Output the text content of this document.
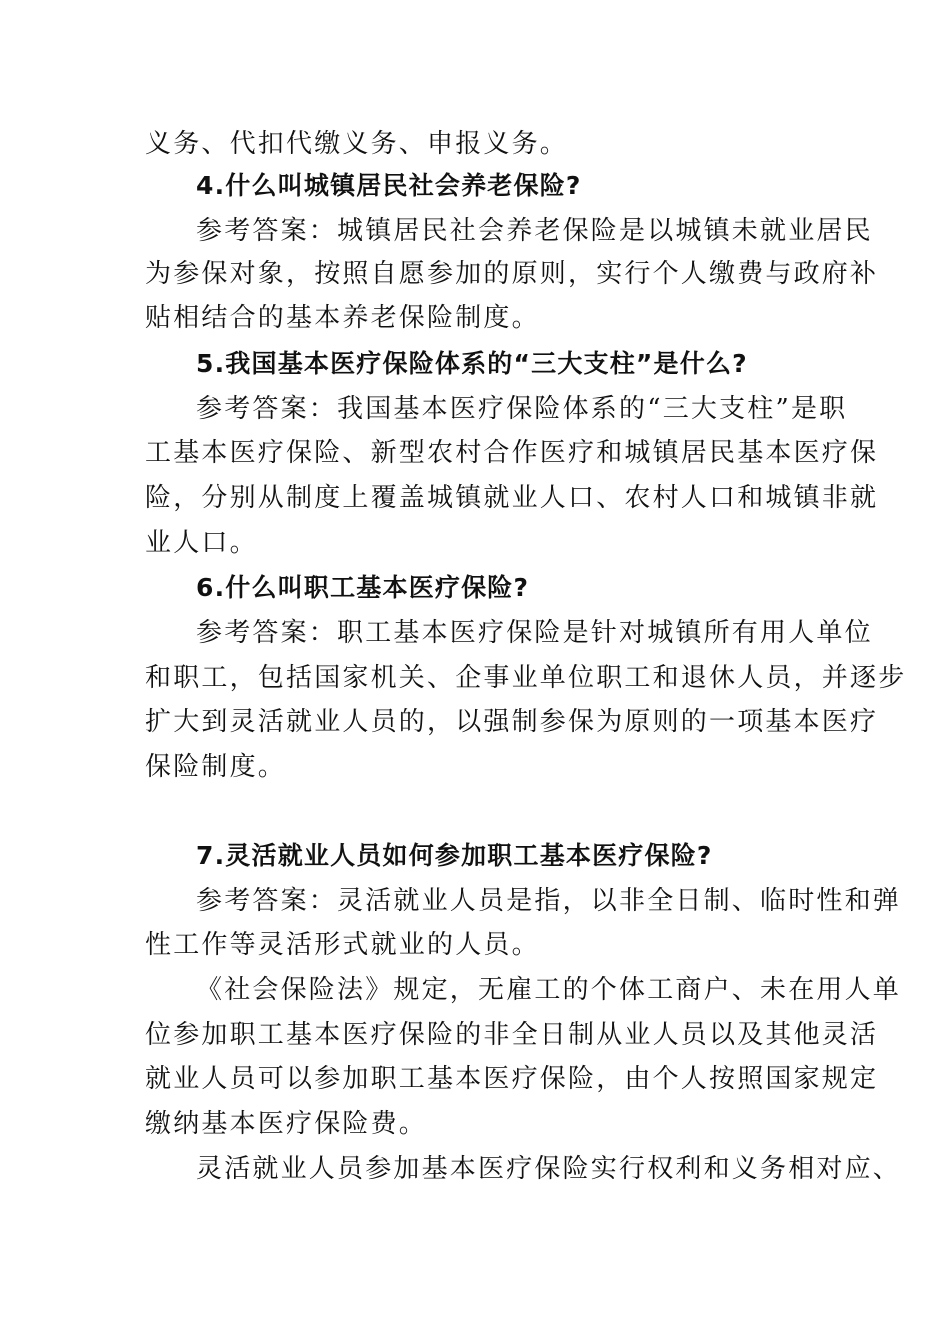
义务、代扣代缴义务、申报义务。
4.什么叫城镇居民社会养老保险?
参考答案：城镇居民社会养老保险是以城镇未就业居民
为参保对象，按照自愿参加的原则，实行个人缴费与政府补
贴相结合的基本养老保险制度。
5.我国基本医疗保险体系的“三大支柱”是什么?
参考答案：我国基本医疗保险体系的“三大支柱”是职
工基本医疗保险、新型农村合作医疗和城镇居民基本医疗保
险，分别从制度上覆盖城镇就业人口、农村人口和城镇非就
业人口。
6.什么叫职工基本医疗保险?
参考答案：职工基本医疗保险是针对城镇所有用人单位
和职工，包括国家机关、企事业单位职工和退休人员，并逐步
扩大到灵活就业人员的，以强制参保为原则的一项基本医疗
保险制度。
7.灵活就业人员如何参加职工基本医疗保险?
参考答案：灵活就业人员是指，以非全日制、临时性和弹
性工作等灵活形式就业的人员。
《社会保险法》规定，无雇工的个体工商户、未在用人单
位参加职工基本医疗保险的非全日制从业人员以及其他灵活
就业人员可以参加职工基本医疗保险，由个人按照国家规定
缴纳基本医疗保险费。
灵活就业人员参加基本医疗保险实行权利和义务相对应、
